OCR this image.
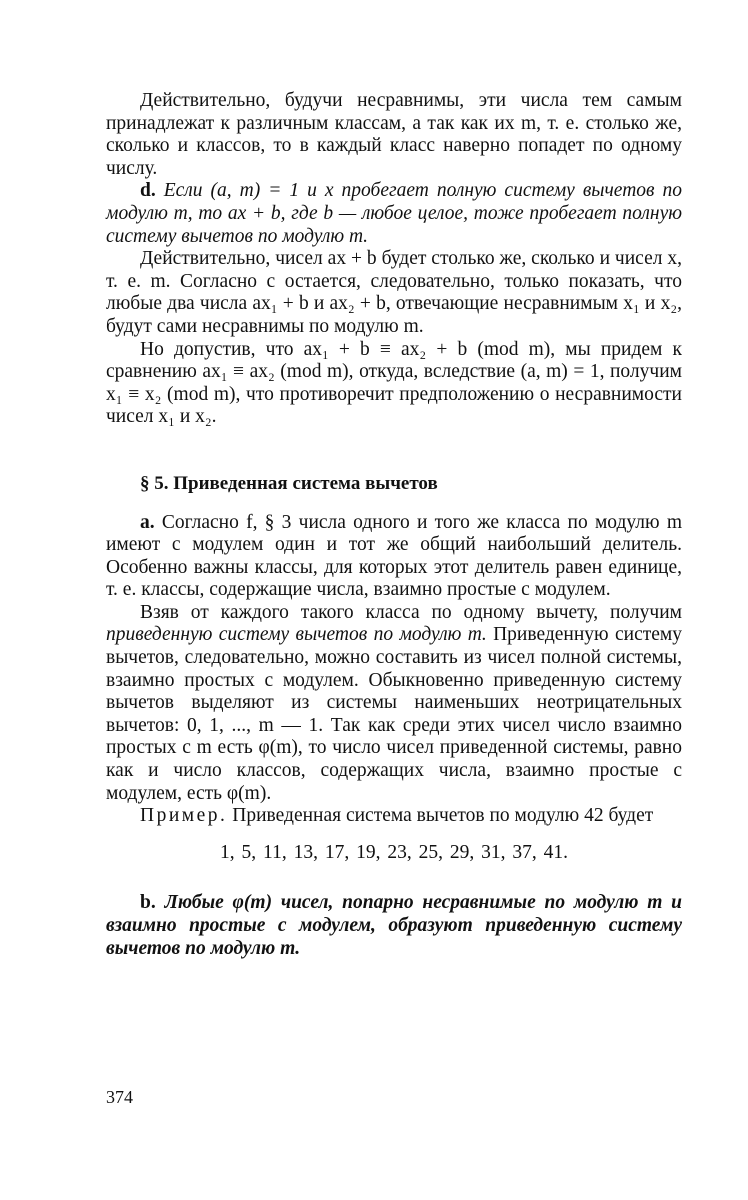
Действительно, будучи несравнимы, эти числа тем самым принадлежат к различным классам, а так как их m, т. е. столько же, сколько и классов, то в каждый класс наверно попадет по одному числу.

d. Если (a, m) = 1 и x пробегает полную систему вычетов по модулю m, то ax + b, где b — любое целое, тоже пробегает полную систему вычетов по модулю m.

Действительно, чисел ax + b будет столько же, сколько и чисел x, т. е. m. Согласно c остается, следовательно, только показать, что любые два числа ax₁ + b и ax₂ + b, отвечающие несравнимым x₁ и x₂, будут сами несравнимы по модулю m.

Но допустив, что ax₁ + b ≡ ax₂ + b (mod m), мы придем к сравнению ax₁ ≡ ax₂ (mod m), откуда, вследствие (a, m) = 1, получим x₁ ≡ x₂ (mod m), что противоречит предположению о несравнимости чисел x₁ и x₂.

§ 5. Приведенная система вычетов

a. Согласно f, § 3 числа одного и того же класса по модулю m имеют с модулем один и тот же общий наибольший делитель. Особенно важны классы, для которых этот делитель равен единице, т. е. классы, содержащие числа, взаимно простые с модулем.

Взяв от каждого такого класса по одному вычету, получим приведенную систему вычетов по модулю m. Приведенную систему вычетов, следовательно, можно составить из чисел полной системы, взаимно простых с модулем. Обыкновенно приведенную систему вычетов выделяют из системы наименьших неотрицательных вычетов: 0, 1, ..., m — 1. Так как среди этих чисел число взаимно простых с m есть φ(m), то число чисел приведенной системы, равно как и число классов, содержащих числа, взаимно простые с модулем, есть φ(m).

Пример. Приведенная система вычетов по модулю 42 будет

1, 5, 11, 13, 17, 19, 23, 25, 29, 31, 37, 41.

b. Любые φ(m) чисел, попарно несравнимые по модулю m и взаимно простые с модулем, образуют приведенную систему вычетов по модулю m.

374
